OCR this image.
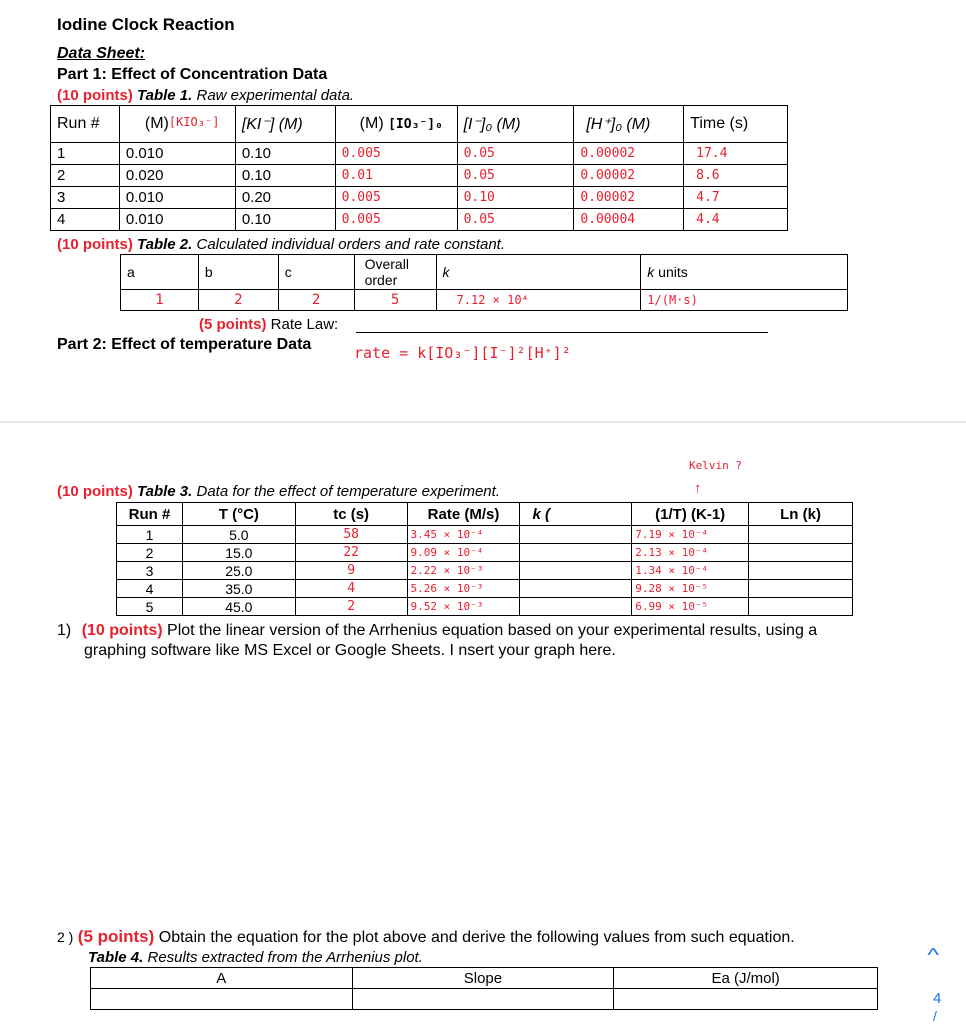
Iodine Clock Reaction
Data Sheet:
Part 1: Effect of Concentration Data
(10 points) Table 1. Raw experimental data.
Run #	(M)[KIO₃⁻]	[KI⁻] (M)	(M) [IO₃⁻]₀	[I⁻]₀ (M)	[H⁺]₀ (M)	Time (s)
1	0.010	0.10	0.005	0.05	0.00002	17.4
2	0.020	0.10	0.01	0.05	0.00002	8.6
3	0.010	0.20	0.005	0.10	0.00002	4.7
4	0.010	0.10	0.005	0.05	0.00004	4.4
(10 points) Table 2. Calculated individual orders and rate constant.
a	b	c	Overall order	k	k units
1	2	2	5	7.12 × 10⁴	1/(M·s)
(5 points) Rate Law:
Part 2: Effect of temperature Data	rate = k[IO₃⁻][I⁻]²[H⁺]²
Kelvin ?
↑
(10 points) Table 3. Data for the effect of temperature experiment.
Run #	T (°C)	tc (s)	Rate (M/s)	k (	(1/T) (K-1)	Ln (k)
1	5.0	58	3.45 × 10⁻⁴		7.19 × 10⁻⁴	
2	15.0	22	9.09 × 10⁻⁴		2.13 × 10⁻⁴	
3	25.0	9	2.22 × 10⁻³		1.34 × 10⁻⁴	
4	35.0	4	5.26 × 10⁻³		9.28 × 10⁻⁵	
5	45.0	2	9.52 × 10⁻³		6.99 × 10⁻⁵	
1) (10 points) Plot the linear version of the Arrhenius equation based on your experimental results, using a
graphing software like MS Excel or Google Sheets. I nsert your graph here.
2 ) (5 points) Obtain the equation for the plot above and derive the following values from such equation.
Table 4. Results extracted from the Arrhenius plot.
A	Slope	Ea (J/mol)

^
4
/
